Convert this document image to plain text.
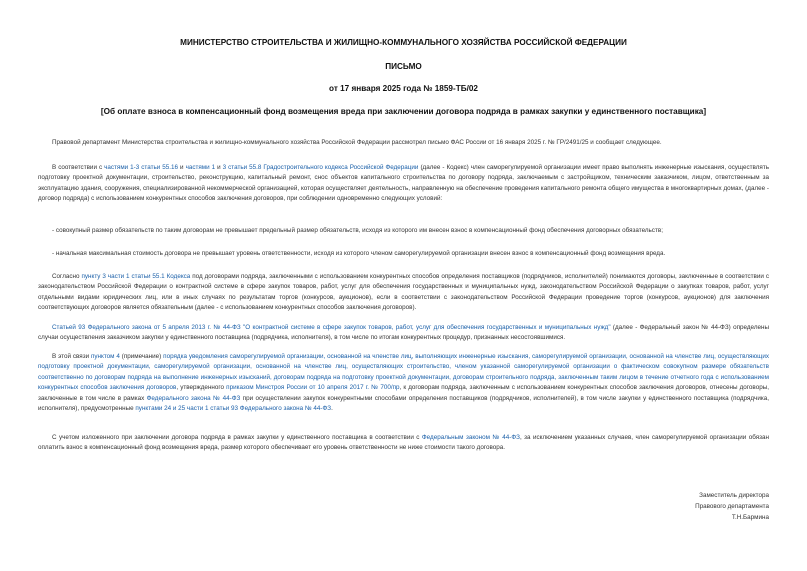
МИНИСТЕРСТВО СТРОИТЕЛЬСТВА И ЖИЛИЩНО-КОММУНАЛЬНОГО ХОЗЯЙСТВА РОССИЙСКОЙ ФЕДЕРАЦИИ
ПИСЬМО
от 17 января 2025 года № 1859-ТБ/02
[Об оплате взноса в компенсационный фонд возмещения вреда при заключении договора подряда в рамках закупки у единственного поставщика]
Правовой департамент Министерства строительства и жилищно-коммунального хозяйства Российской Федерации рассмотрел письмо ФАС России от 16 января 2025 г. № ГР/2491/25 и сообщает следующее.
В соответствии с частями 1-3 статьи 55.16 и частями 1 и 3 статьи 55.8 Градостроительного кодекса Российской Федерации (далее - Кодекс) член саморегулируемой организации имеет право выполнять инженерные изыскания, осуществлять подготовку проектной документации, строительство, реконструкцию, капитальный ремонт, снос объектов капитального строительства по договору подряда, заключаемым с застройщиком, техническим заказчиком, лицом, ответственным за эксплуатацию здания, сооружения, специализированной некоммерческой организацией, которая осуществляет деятельность, направленную на обеспечение проведения капитального ремонта общего имущества в многоквартирных домах, (далее - договор подряда) с использованием конкурентных способов заключения договоров, при соблюдении одновременно следующих условий:
- совокупный размер обязательств по таким договорам не превышает предельный размер обязательств, исходя из которого им внесен взнос в компенсационный фонд обеспечения договорных обязательств;
- начальная максимальная стоимость договора не превышает уровень ответственности, исходя из которого членом саморегулируемой организации внесен взнос в компенсационный фонд возмещения вреда.
Согласно пункту 3 части 1 статьи 55.1 Кодекса под договорами подряда, заключенными с использованием конкурентных способов определения поставщиков (подрядчиков, исполнителей) понимаются договоры, заключенные в соответствии с законодательством Российской Федерации о контрактной системе в сфере закупок товаров, работ, услуг для обеспечения государственных и муниципальных нужд, законодательством Российской Федерации о закупках товаров, работ, услуг отдельными видами юридических лиц, или в иных случаях по результатам торгов (конкурсов, аукционов), если в соответствии с законодательством Российской Федерации проведение торгов (конкурсов, аукционов) для заключения соответствующих договоров является обязательным (далее - с использованием конкурентных способов заключения договоров).
Статьей 93 Федерального закона от 5 апреля 2013 г. № 44-ФЗ "О контрактной системе в сфере закупок товаров, работ, услуг для обеспечения государственных и муниципальных нужд" (далее - Федеральный закон № 44-ФЗ) определены случаи осуществления заказчиком закупки у единственного поставщика (подрядчика, исполнителя), в том числе по итогам конкурентных процедур, признанных несостоявшимися.
В этой связи пунктом 4 (примечание) порядка уведомления саморегулируемой организации, основанной на членстве лиц, выполняющих инженерные изыскания, саморегулируемой организации, основанной на членстве лиц, осуществляющих подготовку проектной документации, саморегулируемой организации, основанной на членстве лиц, осуществляющих строительство, членом указанной саморегулируемой организации о фактическом совокупном размере обязательств соответственно по договорам подряда на выполнение инженерных изысканий, договорам подряда на подготовку проектной документации, договорам строительного подряда, заключенным таким лицом в течение отчетного года с использованием конкурентных способов заключения договоров, утвержденного приказом Минстроя России от 10 апреля 2017 г. № 700/пр, к договорам подряда, заключенным с использованием конкурентных способов заключения договоров, отнесены договоры, заключенные в том числе в рамках Федерального закона № 44-ФЗ при осуществлении закупок конкурентными способами определения поставщиков (подрядчиков, исполнителей), в том числе закупки у единственного поставщика (подрядчика, исполнителя), предусмотренные пунктами 24 и 25 части 1 статьи 93 Федерального закона № 44-ФЗ.
С учетом изложенного при заключении договора подряда в рамках закупки у единственного поставщика в соответствии с Федеральным законом № 44-ФЗ, за исключением указанных случаев, член саморегулируемой организации обязан оплатить взнос в компенсационный фонд возмещения вреда, размер которого обеспечивает его уровень ответственности не ниже стоимости такого договора.
Заместитель директора
Правового департамента
Т.Н.Бармина
